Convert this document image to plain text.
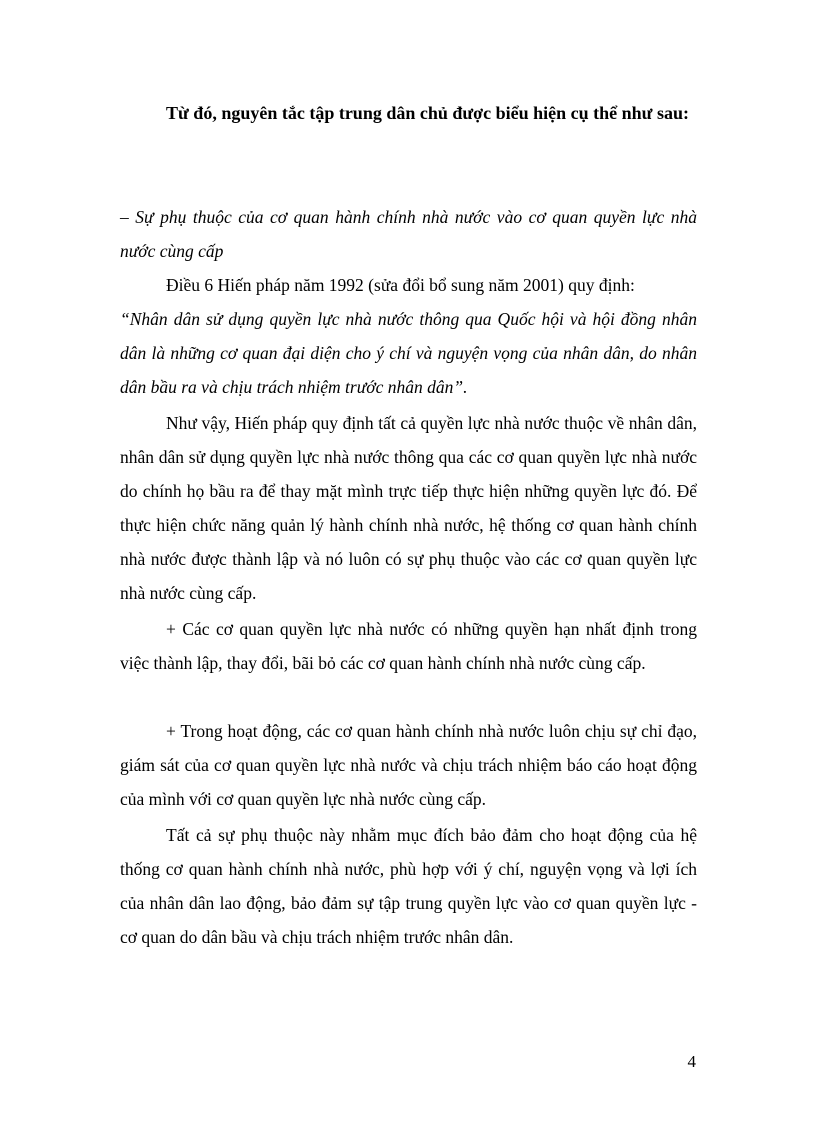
Từ đó, nguyên tắc tập trung dân chủ được biểu hiện cụ thể như sau:

– Sự phụ thuộc của cơ quan hành chính nhà nước vào cơ quan quyền lực nhà nước cùng cấp

Điều 6 Hiến pháp năm 1992 (sửa đổi bổ sung năm 2001) quy định:

“Nhân dân sử dụng quyền lực nhà nước thông qua Quốc hội và hội đồng nhân dân là những cơ quan đại diện cho ý chí và nguyện vọng của nhân dân, do nhân dân bầu ra và chịu trách nhiệm trước nhân dân”.

Như vậy, Hiến pháp quy định tất cả quyền lực nhà nước thuộc về nhân dân, nhân dân sử dụng quyền lực nhà nước thông qua các cơ quan quyền lực nhà nước do chính họ bầu ra để thay mặt mình trực tiếp thực hiện những quyền lực đó. Để thực hiện chức năng quản lý hành chính nhà nước, hệ thống cơ quan hành chính nhà nước được thành lập và nó luôn có sự phụ thuộc vào các cơ quan quyền lực nhà nước cùng cấp.

+ Các cơ quan quyền lực nhà nước có những quyền hạn nhất định trong việc thành lập, thay đổi, bãi bỏ các cơ quan hành chính nhà nước cùng cấp.

+ Trong hoạt động, các cơ quan hành chính nhà nước luôn chịu sự chỉ đạo, giám sát của cơ quan quyền lực nhà nước và chịu trách nhiệm báo cáo hoạt động của mình với cơ quan quyền lực nhà nước cùng cấp.

Tất cả sự phụ thuộc này nhằm mục đích bảo đảm cho hoạt động của hệ thống cơ quan hành chính nhà nước, phù hợp với ý chí, nguyện vọng và lợi ích của nhân dân lao động, bảo đảm sự tập trung quyền lực vào cơ quan quyền lực - cơ quan do dân bầu và chịu trách nhiệm trước nhân dân.

4
